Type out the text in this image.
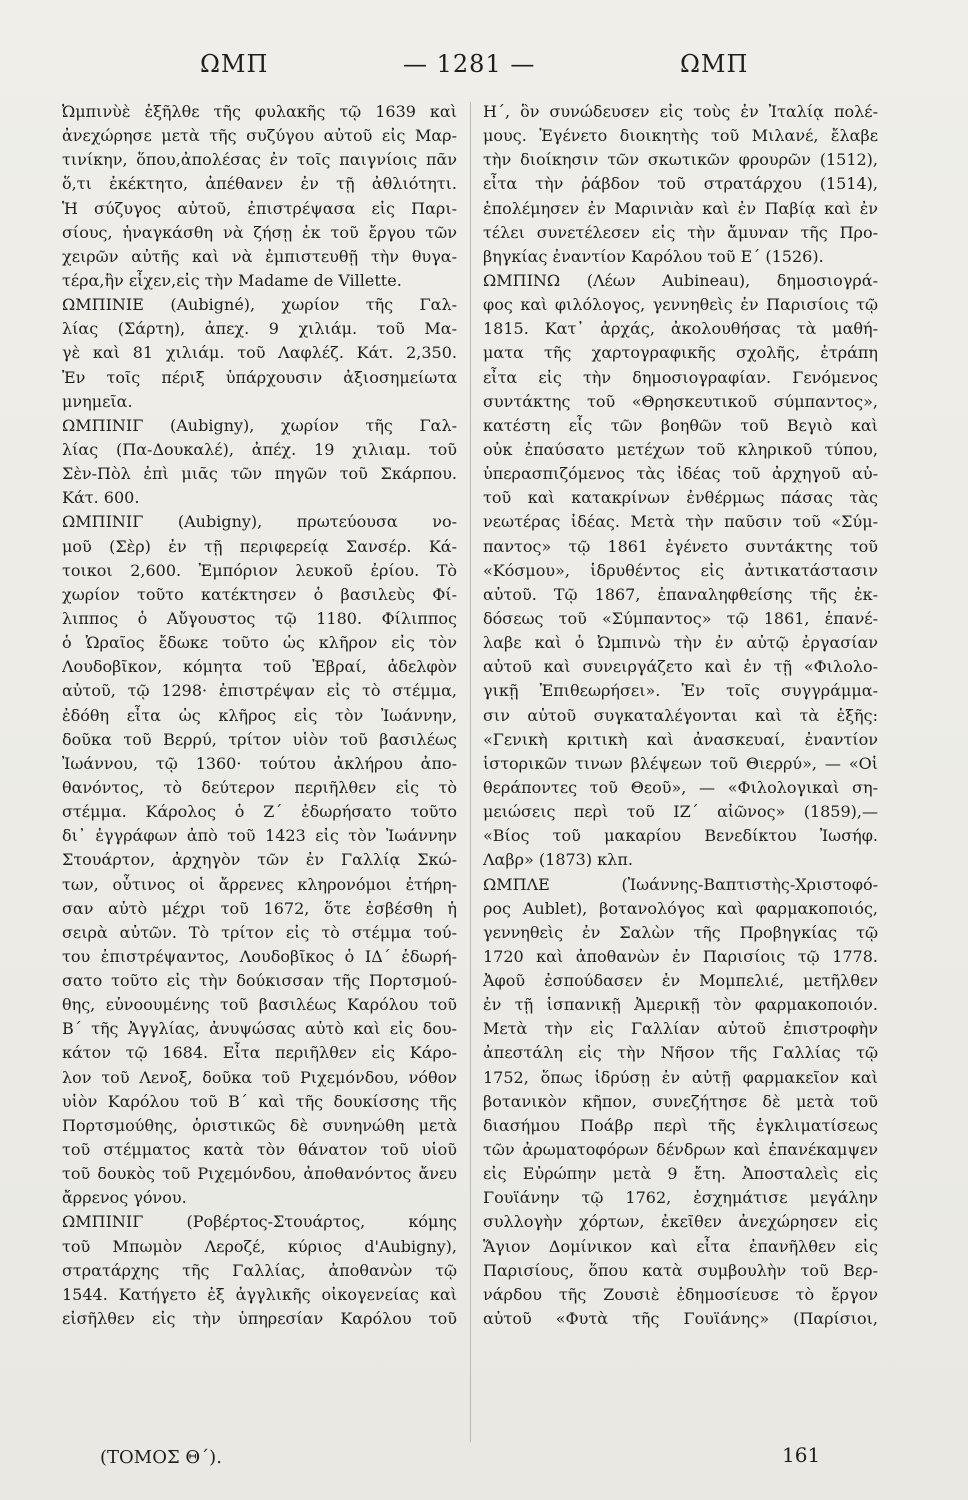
ΩΜΠ	— 1281 —	ΩΜΠ
Ὠμπινὺὲ ἐξῆλθε τῆς φυλακῆς τῷ 1639 καὶ
ἀνεχώρησε μετὰ τῆς συζύγου αὐτοῦ εἰς Μαρ-
τινίκην, ὅπου,ἀπολέσας ἐν τοῖς παιγνίοις πᾶν
ὅ,τι ἐκέκτητο, ἀπέθανεν ἐν τῇ ἀθλιότητι.
Ἡ σύζυγος αὐτοῦ, ἐπιστρέψασα εἰς Παρι-
σίους, ἠναγκάσθη νὰ ζήσῃ ἐκ τοῦ ἔργου τῶν
χειρῶν αὐτῆς καὶ νὰ ἐμπιστευθῇ τὴν θυγα-
τέρα,ἣν εἶχεν,εἰς τὴν Madame de Villette.
ΩΜΠΙΝΙΕ (Aubigné), χωρίον τῆς Γαλ-
λίας (Σάρτη), ἀπεχ. 9 χιλιάμ. τοῦ Μα-
γὲ καὶ 81 χιλιάμ. τοῦ Λαφλέζ. Κάτ. 2,350.
Ἐν τοῖς πέριξ ὑπάρχουσιν ἀξιοσημείωτα
μνημεῖα.
ΩΜΠΙΝΙΓ (Aubigny), χωρίον τῆς Γαλ-
λίας (Πα-Δουκαλέ), ἀπέχ. 19 χιλιαμ. τοῦ
Σὲν-Πὸλ ἐπὶ μιᾶς τῶν πηγῶν τοῦ Σκάρπου.
Κάτ. 600.
ΩΜΠΙΝΙΓ (Aubigny), πρωτεύουσα νο-
μοῦ (Σὲρ) ἐν τῇ περιφερείᾳ Σανσέρ. Κά-
τοικοι 2,600. Ἐμπόριον λευκοῦ ἐρίου. Τὸ
χωρίον τοῦτο κατέκτησεν ὁ βασιλεὺς Φί-
λιππος ὁ Αὔγουστος τῷ 1180. Φίλιππος
ὁ Ὡραῖος ἔδωκε τοῦτο ὡς κλῆρον εἰς τὸν
Λουδοβῖκον, κόμητα τοῦ Ἐβραί, ἀδελφὸν
αὐτοῦ, τῷ 1298· ἐπιστρέψαν εἰς τὸ στέμμα,
ἐδόθη εἶτα ὡς κλῆρος εἰς τὸν Ἰωάννην,
δοῦκα τοῦ Βερρύ, τρίτον υἱὸν τοῦ βασιλέως
Ἰωάννου, τῷ 1360· τούτου ἀκλήρου ἀπο-
θανόντος, τὸ δεύτερον περιῆλθεν εἰς τὸ
στέμμα. Κάρολος ὁ Ζ´ ἐδωρήσατο τοῦτο
δι᾿ ἐγγράφων ἀπὸ τοῦ 1423 εἰς τὸν Ἰωάννην
Στουάρτον, ἀρχηγὸν τῶν ἐν Γαλλίᾳ Σκώ-
των, οὗτινος οἱ ἄρρενες κληρονόμοι ἐτήρη-
σαν αὐτὸ μέχρι τοῦ 1672, ὅτε ἐσβέσθη ἡ
σειρὰ αὐτῶν. Τὸ τρίτον εἰς τὸ στέμμα τού-
του ἐπιστρέψαντος, Λουδοβῖκος ὁ ΙΔ´ ἐδωρή-
σατο τοῦτο εἰς τὴν δούκισσαν τῆς Πορτσμού-
θης, εὐνοουμένης τοῦ βασιλέως Καρόλου τοῦ
Β´ τῆς Ἀγγλίας, ἀνυψώσας αὐτὸ καὶ εἰς δου-
κάτον τῷ 1684. Εἶτα περιῆλθεν εἰς Κάρο-
λον τοῦ Λενοξ, δοῦκα τοῦ Ριχεμόνδου, νόθον
υἱὸν Καρόλου τοῦ Β´ καὶ τῆς δουκίσσης τῆς
Πορτσμούθης, ὁριστικῶς δὲ συνηνώθη μετὰ
τοῦ στέμματος κατὰ τὸν θάνατον τοῦ υἱοῦ
τοῦ δουκὸς τοῦ Ριχεμόνδου, ἀποθανόντος ἄνευ
ἄρρενος γόνου.
ΩΜΠΙΝΙΓ (Ροβέρτος-Στουάρτος, κόμης
τοῦ Μπωμὸν Λεροζέ, κύριος d'Aubigny),
στρατάρχης τῆς Γαλλίας, ἀποθανὼν τῷ
1544. Κατήγετο ἐξ ἀγγλικῆς οἰκογενείας καὶ
εἰσῆλθεν εἰς τὴν ὑπηρεσίαν Καρόλου τοῦ
Η´, ὃν συνώδευσεν εἰς τοὺς ἐν Ἰταλίᾳ πολέ-
μους. Ἐγένετο διοικητὴς τοῦ Μιλανέ, ἔλαβε
τὴν διοίκησιν τῶν σκωτικῶν φρουρῶν (1512),
εἶτα τὴν ῥάβδον τοῦ στρατάρχου (1514),
ἐπολέμησεν ἐν Μαρινιὰν καὶ ἐν Παβίᾳ καὶ ἐν
τέλει συνετέλεσεν εἰς τὴν ἄμυναν τῆς Προ-
βηγκίας ἐναντίον Καρόλου τοῦ Ε´ (1526).
ΩΜΠΙΝΩ (Λέων Aubineau), δημοσιογρά-
φος καὶ φιλόλογος, γεννηθεὶς ἐν Παρισίοις τῷ
1815. Κατ᾿ ἀρχάς, ἀκολουθήσας τὰ μαθή-
ματα τῆς χαρτογραφικῆς σχολῆς, ἐτράπη
εἶτα εἰς τὴν δημοσιογραφίαν. Γενόμενος
συντάκτης τοῦ «Θρησκευτικοῦ σύμπαντος»,
κατέστη εἷς τῶν βοηθῶν τοῦ Βεγιὸ καὶ
οὐκ ἐπαύσατο μετέχων τοῦ κληρικοῦ τύπου,
ὑπερασπιζόμενος τὰς ἰδέας τοῦ ἀρχηγοῦ αὐ-
τοῦ καὶ κατακρίνων ἐνθέρμως πάσας τὰς
νεωτέρας ἰδέας. Μετὰ τὴν παῦσιν τοῦ «Σύμ-
παντος» τῷ 1861 ἐγένετο συντάκτης τοῦ
«Κόσμου», ἱδρυθέντος εἰς ἀντικατάστασιν
αὐτοῦ. Τῷ 1867, ἐπαναληφθείσης τῆς ἐκ-
δόσεως τοῦ «Σύμπαντος» τῷ 1861, ἐπανέ-
λαβε καὶ ὁ Ὠμπινὼ τὴν ἐν αὐτῷ ἐργασίαν
αὐτοῦ καὶ συνειργάζετο καὶ ἐν τῇ «Φιλολο-
γικῇ Ἐπιθεωρήσει». Ἐν τοῖς συγγράμμα-
σιν αὐτοῦ συγκαταλέγονται καὶ τὰ ἑξῆς:
«Γενικὴ κριτικὴ καὶ ἀνασκευαί, ἐναντίον
ἱστορικῶν τινων βλέψεων τοῦ Θιερρύ», — «Οἱ
θεράποντες τοῦ Θεοῦ», — «Φιλολογικαὶ ση-
μειώσεις περὶ τοῦ ΙΖ´ αἰῶνος» (1859),—
«Βίος τοῦ μακαρίου Βενεδίκτου Ἰωσήφ.
Λαβρ» (1873) κλπ.
ΩΜΠΛΕ (Ἰωάννης-Βαπτιστὴς-Χριστοφό-
ρος Aublet), βοτανολόγος καὶ φαρμακοποιός,
γεννηθεὶς ἐν Σαλὼν τῆς Προβηγκίας τῷ
1720 καὶ ἀποθανὼν ἐν Παρισίοις τῷ 1778.
Ἀφοῦ ἐσπούδασεν ἐν Μομπελιέ, μετῆλθεν
ἐν τῇ ἱσπανικῇ Ἀμερικῇ τὸν φαρμακοποιόν.
Μετὰ τὴν εἰς Γαλλίαν αὐτοῦ ἐπιστροφὴν
ἀπεστάλη εἰς τὴν Νῆσον τῆς Γαλλίας τῷ
1752, ὅπως ἱδρύσῃ ἐν αὐτῇ φαρμακεῖον καὶ
βοτανικὸν κῆπον, συνεζήτησε δὲ μετὰ τοῦ
διασήμου Ποάβρ περὶ τῆς ἐγκλιματίσεως
τῶν ἀρωματοφόρων δένδρων καὶ ἐπανέκαμψεν
εἰς Εὐρώπην μετὰ 9 ἔτη. Ἀποσταλεὶς εἰς
Γουϊάνην τῷ 1762, ἐσχημάτισε μεγάλην
συλλογὴν χόρτων, ἐκεῖθεν ἀνεχώρησεν εἰς
Ἅγιον Δομίνικον καὶ εἶτα ἐπανῆλθεν εἰς
Παρισίους, ὅπου κατὰ συμβουλὴν τοῦ Βερ-
νάρδου τῆς Ζουσιὲ ἐδημοσίευσε τὸ ἔργον
αὐτοῦ «Φυτὰ τῆς Γουϊάνης» (Παρίσιοι,
(ΤΟΜΟΣ Θ´).	161
